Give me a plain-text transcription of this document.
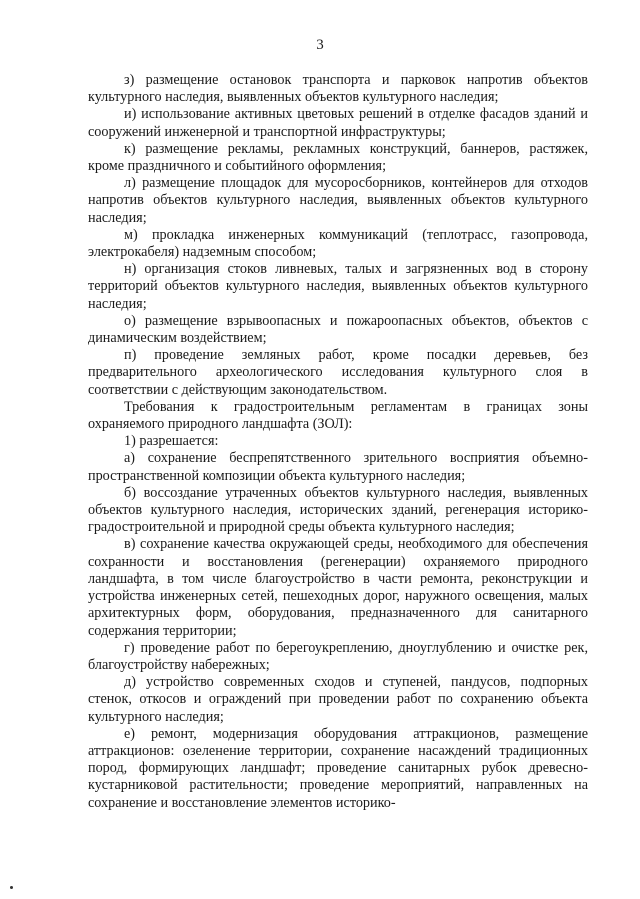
3

з) размещение остановок транспорта и парковок напротив объектов культурного наследия, выявленных объектов культурного наследия;

и) использование активных цветовых решений в отделке фасадов зданий и сооружений инженерной и транспортной инфраструктуры;

к) размещение рекламы, рекламных конструкций, баннеров, растяжек, кроме праздничного и событийного оформления;

л) размещение площадок для мусоросборников, контейнеров для отходов напротив объектов культурного наследия, выявленных объектов культурного наследия;

м) прокладка инженерных коммуникаций (теплотрасс, газопровода, электрокабеля) надземным способом;

н) организация стоков ливневых, талых и загрязненных вод в сторону территорий объектов культурного наследия, выявленных объектов культурного наследия;

о) размещение взрывоопасных и пожароопасных объектов, объектов с динамическим воздействием;

п) проведение земляных работ, кроме посадки деревьев, без предварительного археологического исследования культурного слоя в соответствии с действующим законодательством.

Требования к градостроительным регламентам в границах зоны охраняемого природного ландшафта (ЗОЛ):

1) разрешается:

а) сохранение беспрепятственного зрительного восприятия объемно-пространственной композиции объекта культурного наследия;

б) воссоздание утраченных объектов культурного наследия, выявленных объектов культурного наследия, исторических зданий, регенерация историко-градостроительной и природной среды объекта культурного наследия;

в) сохранение качества окружающей среды, необходимого для обеспечения сохранности и восстановления (регенерации) охраняемого природного ландшафта, в том числе благоустройство в части ремонта, реконструкции и устройства инженерных сетей, пешеходных дорог, наружного освещения, малых архитектурных форм, оборудования, предназначенного для санитарного содержания территории;

г) проведение работ по берегоукреплению, дноуглублению и очистке рек, благоустройству набережных;

д) устройство современных сходов и ступеней, пандусов, подпорных стенок, откосов и ограждений при проведении работ по сохранению объекта культурного наследия;

е) ремонт, модернизация оборудования аттракционов, размещение аттракционов: озеленение территории, сохранение насаждений традиционных пород, формирующих ландшафт; проведение санитарных рубок древесно-кустарниковой растительности; проведение мероприятий, направленных на сохранение и восстановление элементов историко-
